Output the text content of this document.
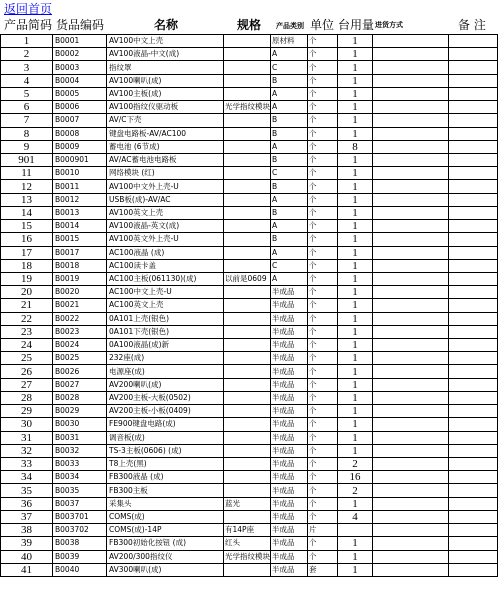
返回首页
产品简码 货品编码	名称	规格 产品类别 单位 台用量 进货方式	备 注
1	B0001	AV100中文上壳		原材料	个	1		
2	B0002	AV100液晶-中文(成)		A	个	1		
3	B0003	指纹罩		C	个	1		
4	B0004	AV100喇叭(成)		B	个	1		
5	B0005	AV100主板(成)		A	个	1		
6	B0006	AV100指纹仪驱动板	光学指纹模块	A	个	1		
7	B0007	AV/C下壳		B	个	1		
8	B0008	键盘电路板-AV/AC100		B	个	1		
9	B0009	蓄电池 (6节成)		A	个	8		
901	B000901	AV/AC蓄电池电路板		B	个	1		
11	B0010	网络模块 (红)		C	个	1		
12	B0011	AV100中文外上壳-U		B	个	1		
13	B0012	USB板(成)-AV/AC		A	个	1		
14	B0013	AV100英文上壳		B	个	1		
15	B0014	AV100液晶-英文(成)		A	个	1		
16	B0015	AV100英文外上壳-U		B	个	1		
17	B0017	AC100液晶 (成)		A	个	1		
18	B0018	AC100读卡盖		C	个	1		
19	B0019	AC100主板(061130)(成)	以前是0609	A	个	1		
20	B0020	AC100中文上壳-U		半成品	个	1		
21	B0021	AC100英文上壳		半成品	个	1		
22	B0022	0A101上壳(银色)		半成品	个	1		
23	B0023	0A101下壳(银色)		半成品	个	1		
24	B0024	0A100液晶(成)新		半成品	个	1		
25	B0025	232座(成)		半成品	个	1		
26	B0026	电源座(成)		半成品	个	1		
27	B0027	AV200喇叭(成)		半成品	个	1		
28	B0028	AV200主板-大板(0502)		半成品	个	1		
29	B0029	AV200主板-小板(0409)		半成品	个	1		
30	B0030	FE900键盘电路(成)		半成品	个	1		
31	B0031	调音板(成)		半成品	个	1		
32	B0032	TS-3主板(0606) (成)		半成品	个	1		
33	B0033	T8上壳(黑)		半成品	个	2		
34	B0034	FB300液晶 (成)		半成品	个	16		
35	B0035	FB300主板		半成品	个	2		
36	B0037	采集头	蓝光	半成品	个	1		
37	B003701	COMS(成)		半成品	个	4		
38	B003702	COMS(成)-14P	有14P座	半成品	片			
39	B0038	FB300初始化按钮 (成)	红头	半成品	个	1		
40	B0039	AV200/300指纹仪	光学指纹模块	半成品	个	1		
41	B0040	AV300喇叭(成)		半成品	套	1		
